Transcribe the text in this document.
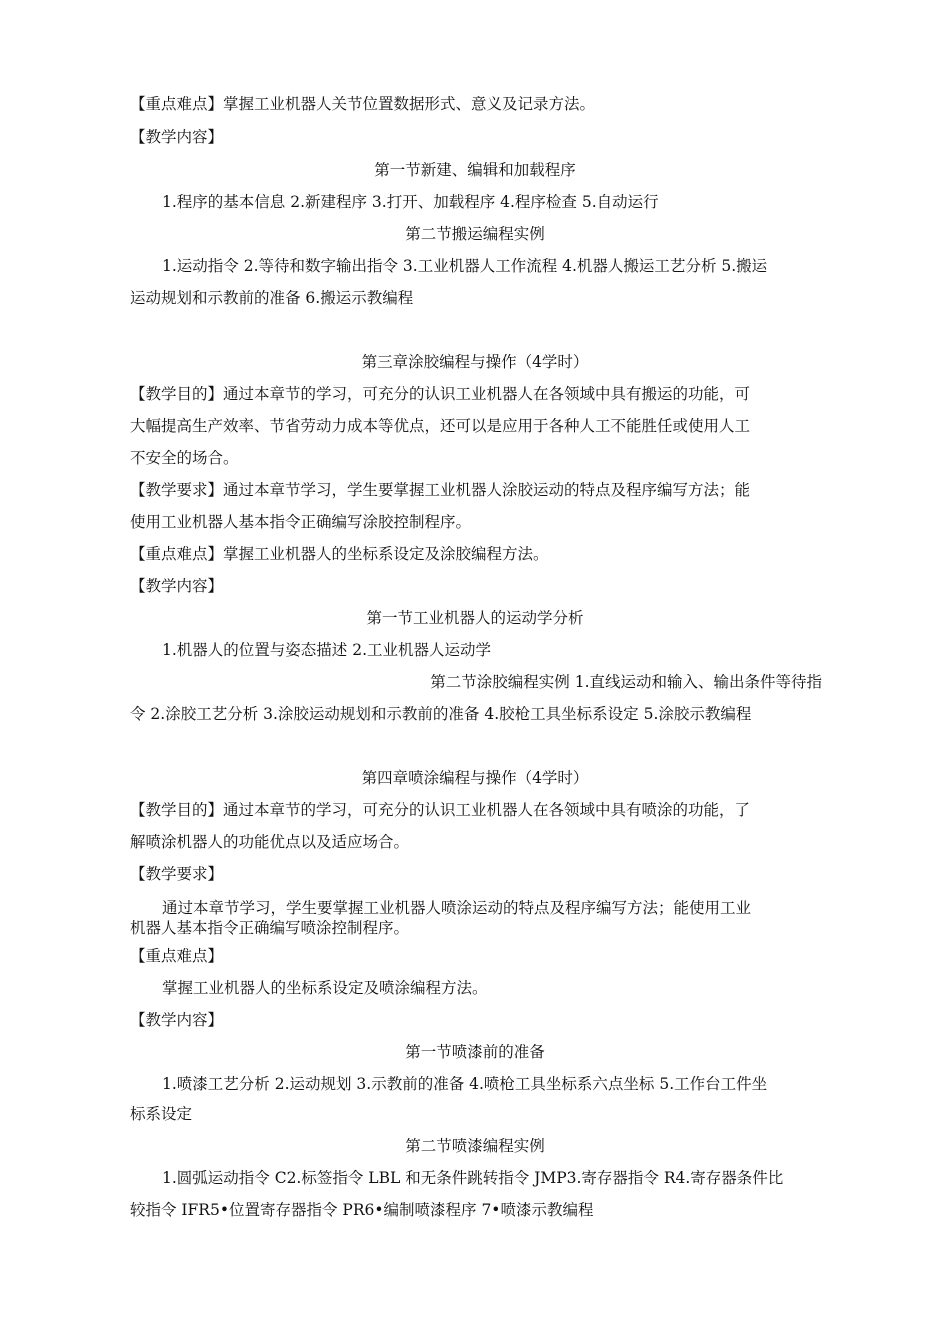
【重点难点】掌握工业机器人关节位置数据形式、意义及记录方法。
【教学内容】
第一节新建、编辑和加载程序
1.程序的基本信息 2.新建程序 3.打开、加载程序 4.程序检查 5.自动运行
第二节搬运编程实例
1.运动指令 2.等待和数字输出指令 3.工业机器人工作流程 4.机器人搬运工艺分析 5.搬运
运动规划和示教前的准备 6.搬运示教编程
第三章涂胶编程与操作（4学时）
【教学目的】通过本章节的学习，可充分的认识工业机器人在各领域中具有搬运的功能，可
大幅提高生产效率、节省劳动力成本等优点，还可以是应用于各种人工不能胜任或使用人工
不安全的场合。
【教学要求】通过本章节学习，学生要掌握工业机器人涂胶运动的特点及程序编写方法；能
使用工业机器人基本指令正确编写涂胶控制程序。
【重点难点】掌握工业机器人的坐标系设定及涂胶编程方法。
【教学内容】
第一节工业机器人的运动学分析
1.机器人的位置与姿态描述 2.工业机器人运动学
第二节涂胶编程实例 1.直线运动和输入、输出条件等待指
令 2.涂胶工艺分析 3.涂胶运动规划和示教前的准备 4.胶枪工具坐标系设定 5.涂胶示教编程
第四章喷涂编程与操作（4学时）
【教学目的】通过本章节的学习，可充分的认识工业机器人在各领域中具有喷涂的功能，了
解喷涂机器人的功能优点以及适应场合。
【教学要求】
通过本章节学习，学生要掌握工业机器人喷涂运动的特点及程序编写方法；能使用工业
机器人基本指令正确编写喷涂控制程序。
【重点难点】
掌握工业机器人的坐标系设定及喷涂编程方法。
【教学内容】
第一节喷漆前的准备
1.喷漆工艺分析 2.运动规划 3.示教前的准备 4.喷枪工具坐标系六点坐标 5.工作台工件坐
标系设定
第二节喷漆编程实例
1.圆弧运动指令 C2.标签指令 LBL 和无条件跳转指令 JMP3.寄存器指令 R4.寄存器条件比
较指令 IFR5•位置寄存器指令 PR6•编制喷漆程序 7•喷漆示教编程
